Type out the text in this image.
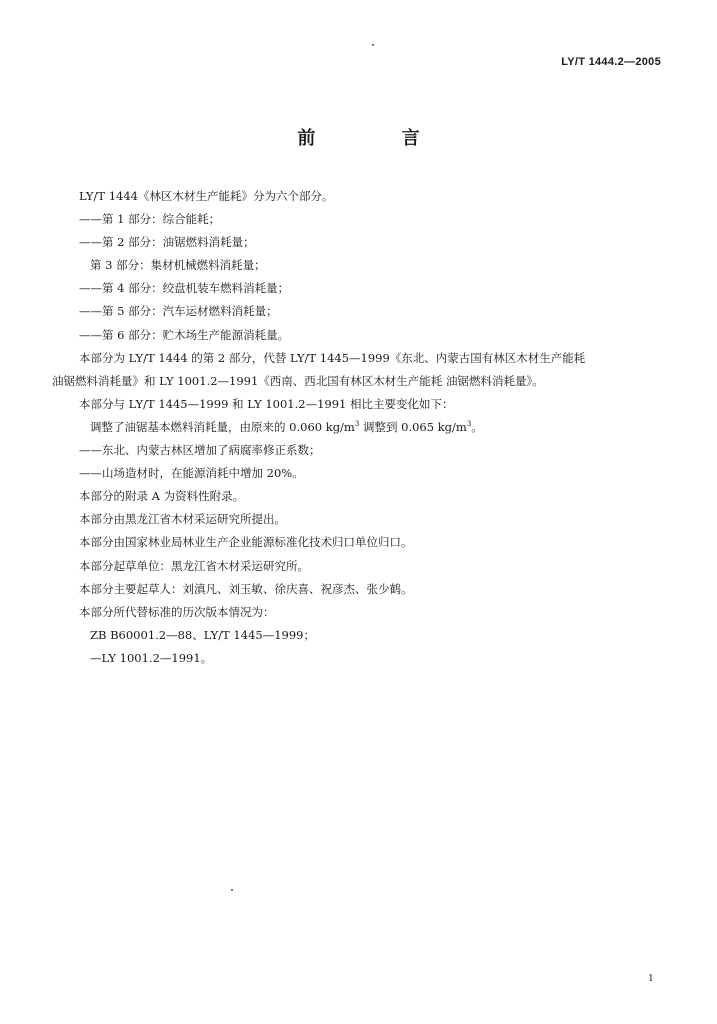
LY/T 1444.2—2005
前 言
LY/T 1444《林区木材生产能耗》分为六个部分。
——第 1 部分：综合能耗；
——第 2 部分：油锯燃料消耗量；
第 3 部分：集材机械燃料消耗量；
——第 4 部分：绞盘机装车燃料消耗量；
——第 5 部分：汽车运材燃料消耗量；
——第 6 部分：贮木场生产能源消耗量。
本部分为 LY/T 1444 的第 2 部分，代替 LY/T 1445—1999《东北、内蒙古国有林区木材生产能耗
油锯燃料消耗量》和 LY 1001.2—1991《西南、西北国有林区木材生产能耗 油锯燃料消耗量》。
本部分与 LY/T 1445—1999 和 LY 1001.2—1991 相比主要变化如下：
调整了油锯基本燃料消耗量，由原来的 0.060 $kg/m^3$ 调整到 0.065 $kg/m^3$。
——东北、内蒙古林区增加了病腐率修正系数；
——山场造材时，在能源消耗中增加 20%。
本部分的附录 A 为资料性附录。
本部分由黑龙江省木材采运研究所提出。
本部分由国家林业局林业生产企业能源标准化技术归口单位归口。
本部分起草单位：黑龙江省木材采运研究所。
本部分主要起草人：刘滇凡、刘玉敏、徐庆喜、祝彦杰、张少鹤。
本部分所代替标准的历次版本情况为：
ZB B60001.2—88、LY/T 1445—1999；
—LY 1001.2—1991。
1
